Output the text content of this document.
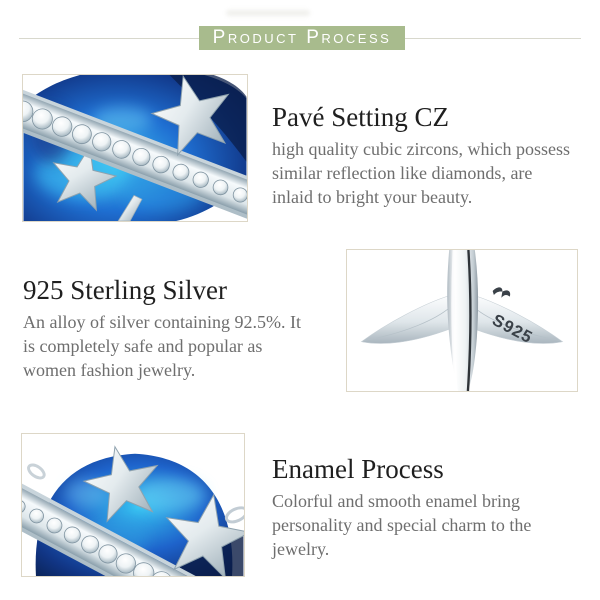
Product Process
Pavé Setting CZ

high quality cubic zircons, which possess
similar reflection like diamonds, are
inlaid to bright your beauty.

925 Sterling Silver

An alloy of silver containing 92.5%. It
is completely safe and popular as
women fashion jewelry.

S925
Enamel Process

Colorful and smooth enamel bring
personality and special charm to the
jewelry.
